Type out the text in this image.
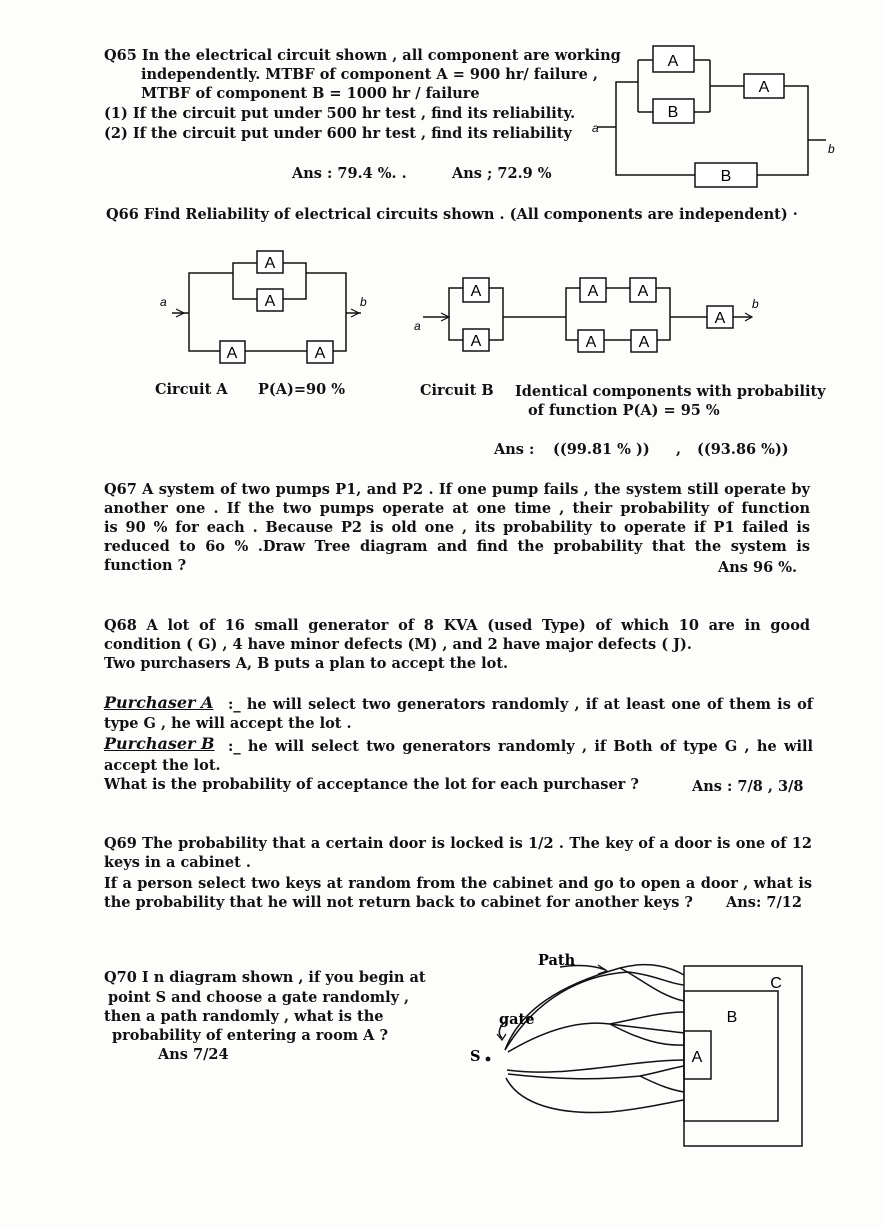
Q65 In the electrical circuit shown , all component are working

independently. MTBF of component A = 900 hr/ failure ,

MTBF of component B = 1000 hr / failure

(1) If the circuit put under 500 hr test , find its reliability.

(2) If the circuit put under 600 hr test , find its reliability

Ans : 79.4 %. .	Ans ; 72.9 %

A
B
A
B
a
b

Q66 Find Reliability of electrical circuits shown . (All components are independent) ·

A
A
A	A
a	b
A
A
A A
A	A
A
a
b

Circuit A P(A)=90 %	Circuit B Identical components with probability

of function P(A) = 95 %

Ans : ((99.81 % )) , ((93.86 %))

Q67 A system of two pumps P1, and P2 . If one pump fails , the system still operate by

another one . If the two pumps operate at one time , their probability of function

is 90 % for each . Because P2 is old one , its probability to operate if P1 failed is

reduced to 6o % .Draw Tree diagram and find the probability that the system is

function ?	Ans 96 %.

Q68 A lot of 16 small generator of 8 KVA (used Type) of which 10 are in good

condition ( G) , 4 have minor defects (M) , and 2 have major defects ( J).

Two purchasers A, B puts a plan to accept the lot.

Purchaser A :_ he will select two generators randomly , if at least one of them is of

type G , he will accept the lot .

Purchaser B :_ he will select two generators randomly , if Both of type G , he will

accept the lot.

What is the probability of acceptance the lot for each purchaser ?	Ans : 7/8 , 3/8

Q69 The probability that a certain door is locked is 1/2 . The key of a door is one of 12

keys in a cabinet .

If a person select two keys at random from the cabinet and go to open a door , what is

the probability that he will not return back to cabinet for another keys ? Ans: 7/12

Q70 I n diagram shown , if you begin at

point S and choose a gate randomly ,

then a path randomly , what is the

probability of entering a room A ?

Ans 7/24

C
B
A
Path
gate
S
